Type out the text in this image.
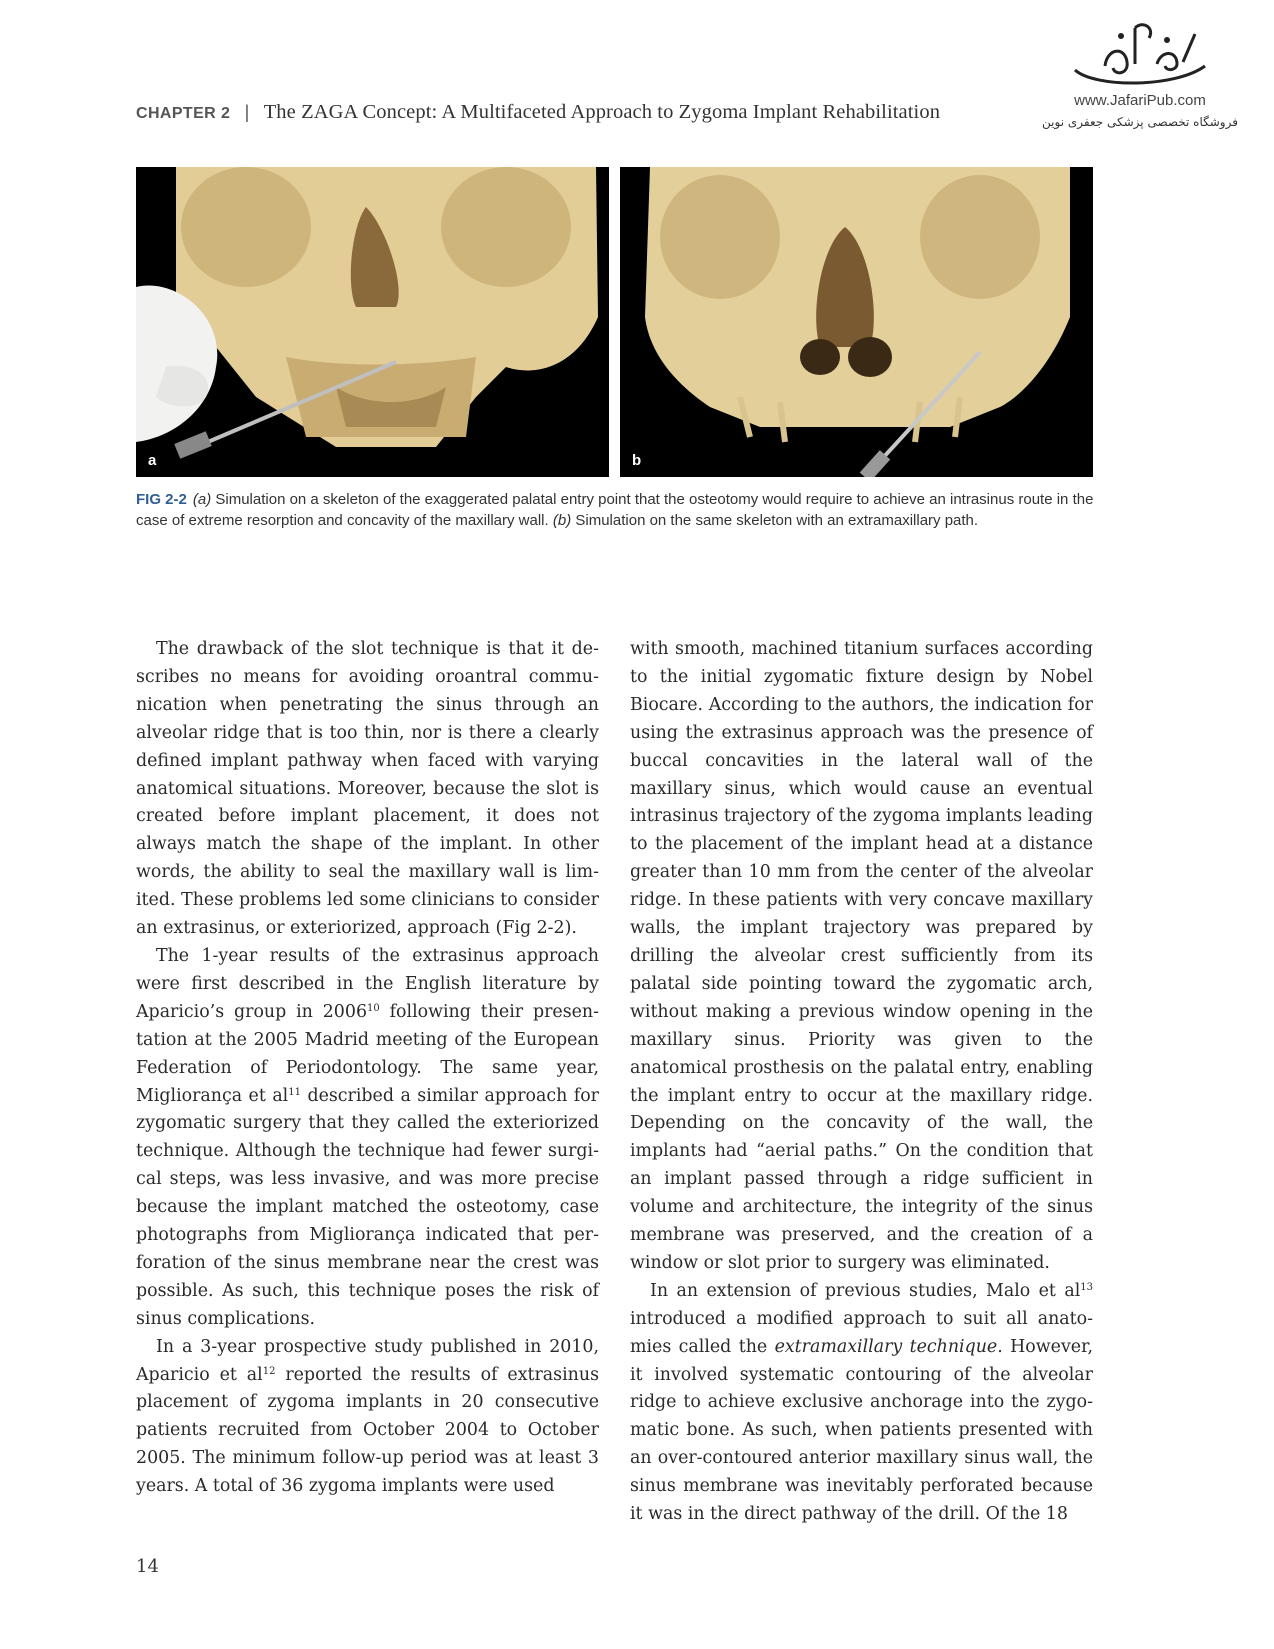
CHAPTER 2 | The ZAGA Concept: A Multifaceted Approach to Zygoma Implant Rehabilitation
www.JafariPub.com
فروشگاه تخصصی پزشکی جعفری نوین
a	b
FIG 2-2 (a) Simulation on a skeleton of the exaggerated palatal entry point that the osteotomy would require to achieve an intrasinus route in the case of extreme resorption and concavity of the maxillary wall. (b) Simulation on the same skeleton with an extramaxillary path.

The drawback of the slot technique is that it describes no means for avoiding oroantral communication when penetrating the sinus through an alveolar ridge that is too thin, nor is there a clearly defined implant pathway when faced with varying anatomical situations. Moreover, because the slot is created before implant placement, it does not always match the shape of the implant. In other words, the ability to seal the maxillary wall is limited. These problems led some clinicians to consider an extrasinus, or exteriorized, approach (Fig 2-2).

The 1-year results of the extrasinus approach were first described in the English literature by Aparicio’s group in 2006$^{10}$ following their presentation at the 2005 Madrid meeting of the European Federation of Periodontology. The same year, Migliorança et $al^{11}$ described a similar approach for zygomatic surgery that they called the exteriorized technique. Although the technique had fewer surgical steps, was less invasive, and was more precise because the implant matched the osteotomy, case photographs from Migliorança indicated that perforation of the sinus membrane near the crest was possible. As such, this technique poses the risk of sinus complications.

In a 3-year prospective study published in 2010, Aparicio et $al^{12}$ reported the results of extrasinus placement of zygoma implants in 20 consecutive patients recruited from October 2004 to October 2005. The minimum follow-up period was at least 3 years. A total of 36 zygoma implants were used

with smooth, machined titanium surfaces according to the initial zygomatic fixture design by Nobel Biocare. According to the authors, the indication for using the extrasinus approach was the presence of buccal concavities in the lateral wall of the maxillary sinus, which would cause an eventual intrasinus trajectory of the zygoma implants leading to the placement of the implant head at a distance greater than 10 mm from the center of the alveolar ridge. In these patients with very concave maxillary walls, the implant trajectory was prepared by drilling the alveolar crest sufficiently from its palatal side pointing toward the zygomatic arch, without making a previous window opening in the maxillary sinus. Priority was given to the anatomical prosthesis on the palatal entry, enabling the implant entry to occur at the maxillary ridge. Depending on the concavity of the wall, the implants had “aerial paths.” On the condition that an implant passed through a ridge sufficient in volume and architecture, the integrity of the sinus membrane was preserved, and the creation of a window or slot prior to surgery was eliminated.

In an extension of previous studies, Malo et $al^{13}$ introduced a modified approach to suit all anatomies called the extramaxillary technique. However, it involved systematic contouring of the alveolar ridge to achieve exclusive anchorage into the zygomatic bone. As such, when patients presented with an over-contoured anterior maxillary sinus wall, the sinus membrane was inevitably perforated because it was in the direct pathway of the drill. Of the 18

14
